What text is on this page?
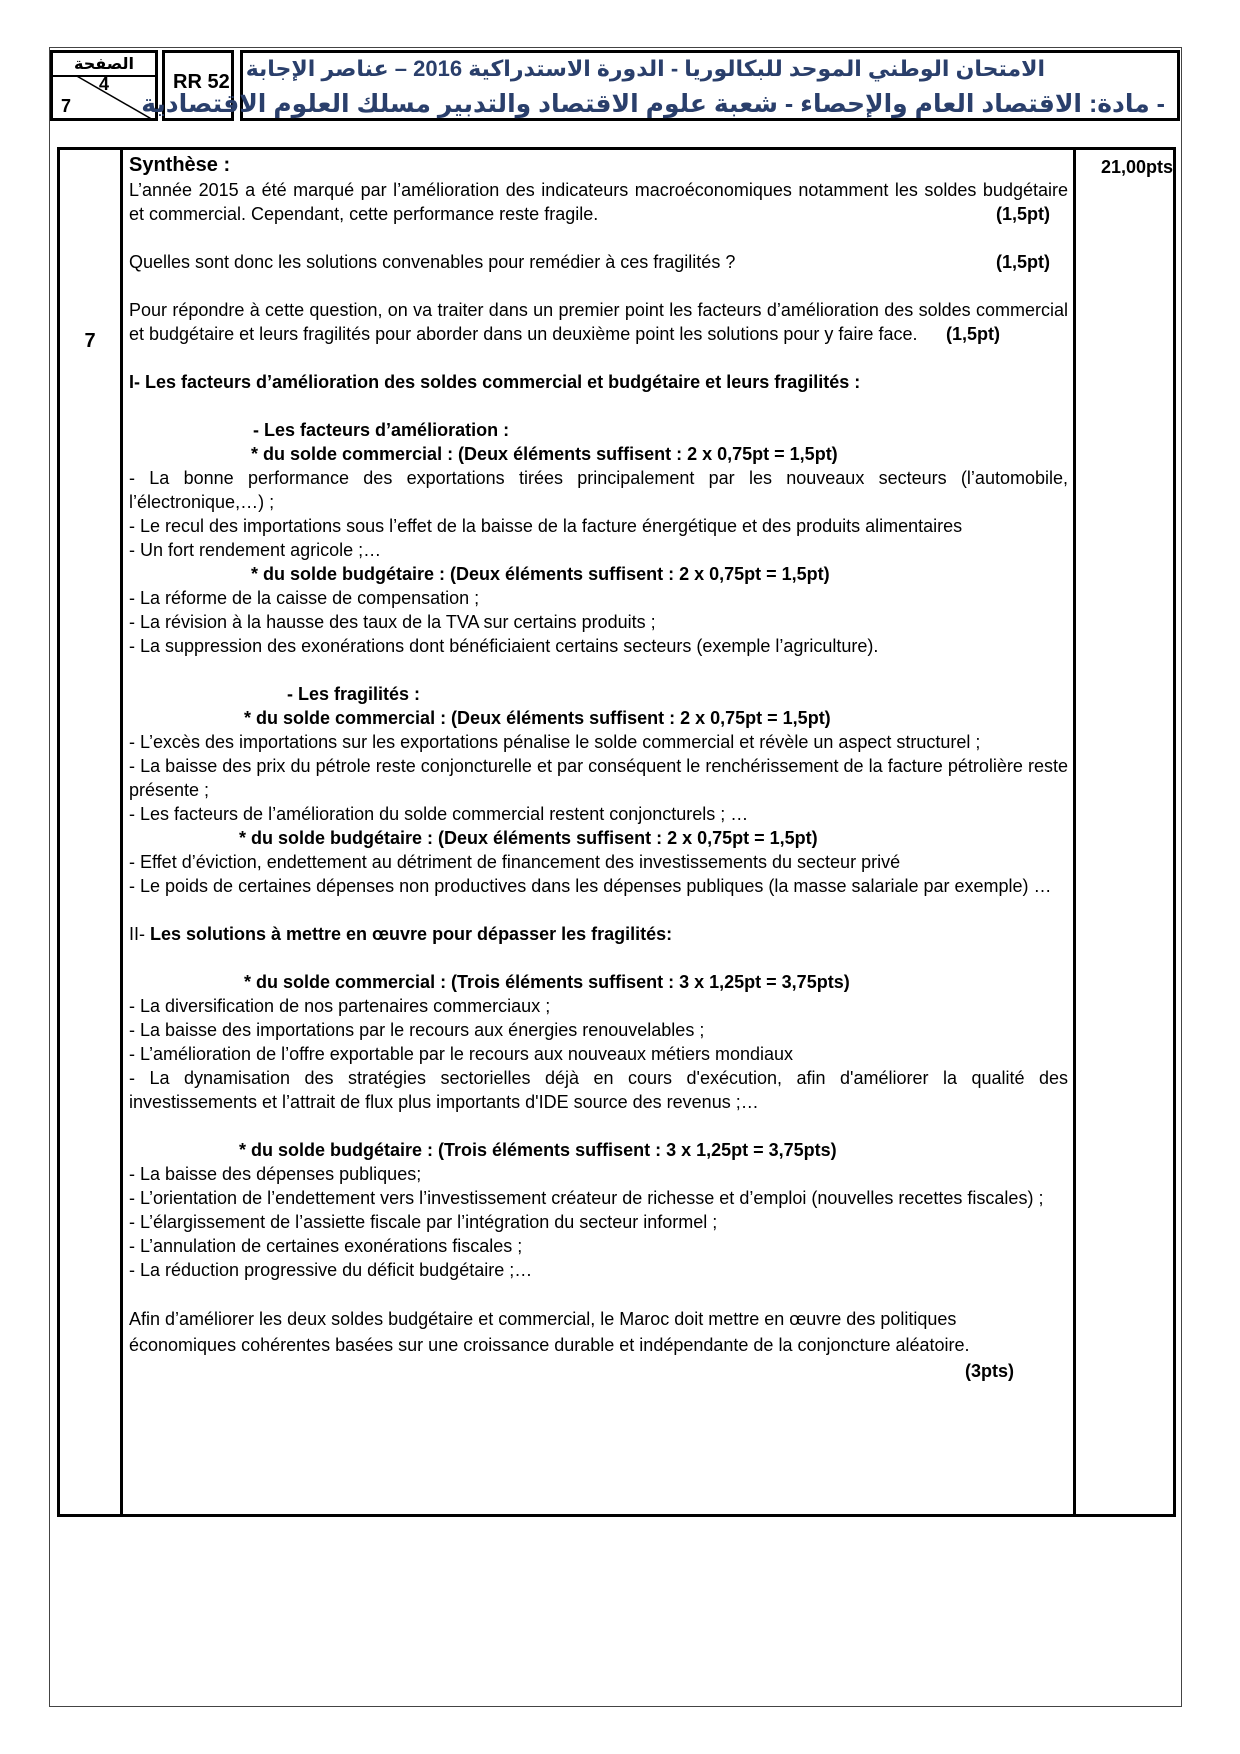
الصفحة
4
7
RR 52
الامتحان الوطني الموحد للبكالوريا - الدورة الاستدراكية 2016 – عناصر الإجابة
- مادة: الاقتصاد العام والإحصاء - شعبة علوم الاقتصاد والتدبير مسلك العلوم الاقتصادية
7
21,00pts

Synthèse :

L’année 2015 a été marqué par l’amélioration des indicateurs macroéconomiques notamment les soldes budgétaire et commercial. Cependant, cette performance reste fragile.	(1,5pt)

Quelles sont donc les solutions convenables pour remédier à ces fragilités ?	(1,5pt)

Pour répondre à cette question, on va traiter dans un premier point les facteurs d’amélioration des soldes commercial et budgétaire et leurs fragilités pour aborder dans un deuxième point les solutions pour y faire face. (1,5pt)

I- Les facteurs d’amélioration des soldes commercial et budgétaire et leurs fragilités :

- Les facteurs d’amélioration :

* du solde commercial : (Deux éléments suffisent : 2 x 0,75pt = 1,5pt)

- La bonne performance des exportations tirées principalement par les nouveaux secteurs (l’automobile, l’électronique,…) ;

- Le recul des importations sous l’effet de la baisse de la facture énergétique et des produits alimentaires

- Un fort rendement agricole ;…

* du solde budgétaire : (Deux éléments suffisent : 2 x 0,75pt = 1,5pt)

- La réforme de la caisse de compensation ;

- La révision à la hausse des taux de la TVA sur certains produits ;

- La suppression des exonérations dont bénéficiaient certains secteurs (exemple l’agriculture).

- Les fragilités :

* du solde commercial : (Deux éléments suffisent : 2 x 0,75pt = 1,5pt)

- L’excès des importations sur les exportations pénalise le solde commercial et révèle un aspect structurel ;

- La baisse des prix du pétrole reste conjoncturelle et par conséquent le renchérissement de la facture pétrolière reste présente ;

- Les facteurs de l’amélioration du solde commercial restent conjoncturels ; …

* du solde budgétaire : (Deux éléments suffisent : 2 x 0,75pt = 1,5pt)

- Effet d’éviction, endettement au détriment de financement des investissements du secteur privé

- Le poids de certaines dépenses non productives dans les dépenses publiques (la masse salariale par exemple) …

II- Les solutions à mettre en œuvre pour dépasser les fragilités:

* du solde commercial : (Trois éléments suffisent : 3 x 1,25pt = 3,75pts)

- La diversification de nos partenaires commerciaux ;

- La baisse des importations par le recours aux énergies renouvelables ;

- L’amélioration de l’offre exportable par le recours aux nouveaux métiers mondiaux

- La dynamisation des stratégies sectorielles déjà en cours d'exécution, afin d'améliorer la qualité des investissements et l’attrait de flux plus importants d'IDE source des revenus ;…

* du solde budgétaire : (Trois éléments suffisent : 3 x 1,25pt = 3,75pts)

- La baisse des dépenses publiques;

- L’orientation de l’endettement vers l’investissement créateur de richesse et d’emploi (nouvelles recettes fiscales) ;

- L’élargissement de l’assiette fiscale par l’intégration du secteur informel ;

- L’annulation de certaines exonérations fiscales ;

- La réduction progressive du déficit budgétaire ;…

Afin d’améliorer les deux soldes budgétaire et commercial, le Maroc doit mettre en œuvre des politiques économiques cohérentes basées sur une croissance durable et indépendante de la conjoncture aléatoire.
(3pts)
